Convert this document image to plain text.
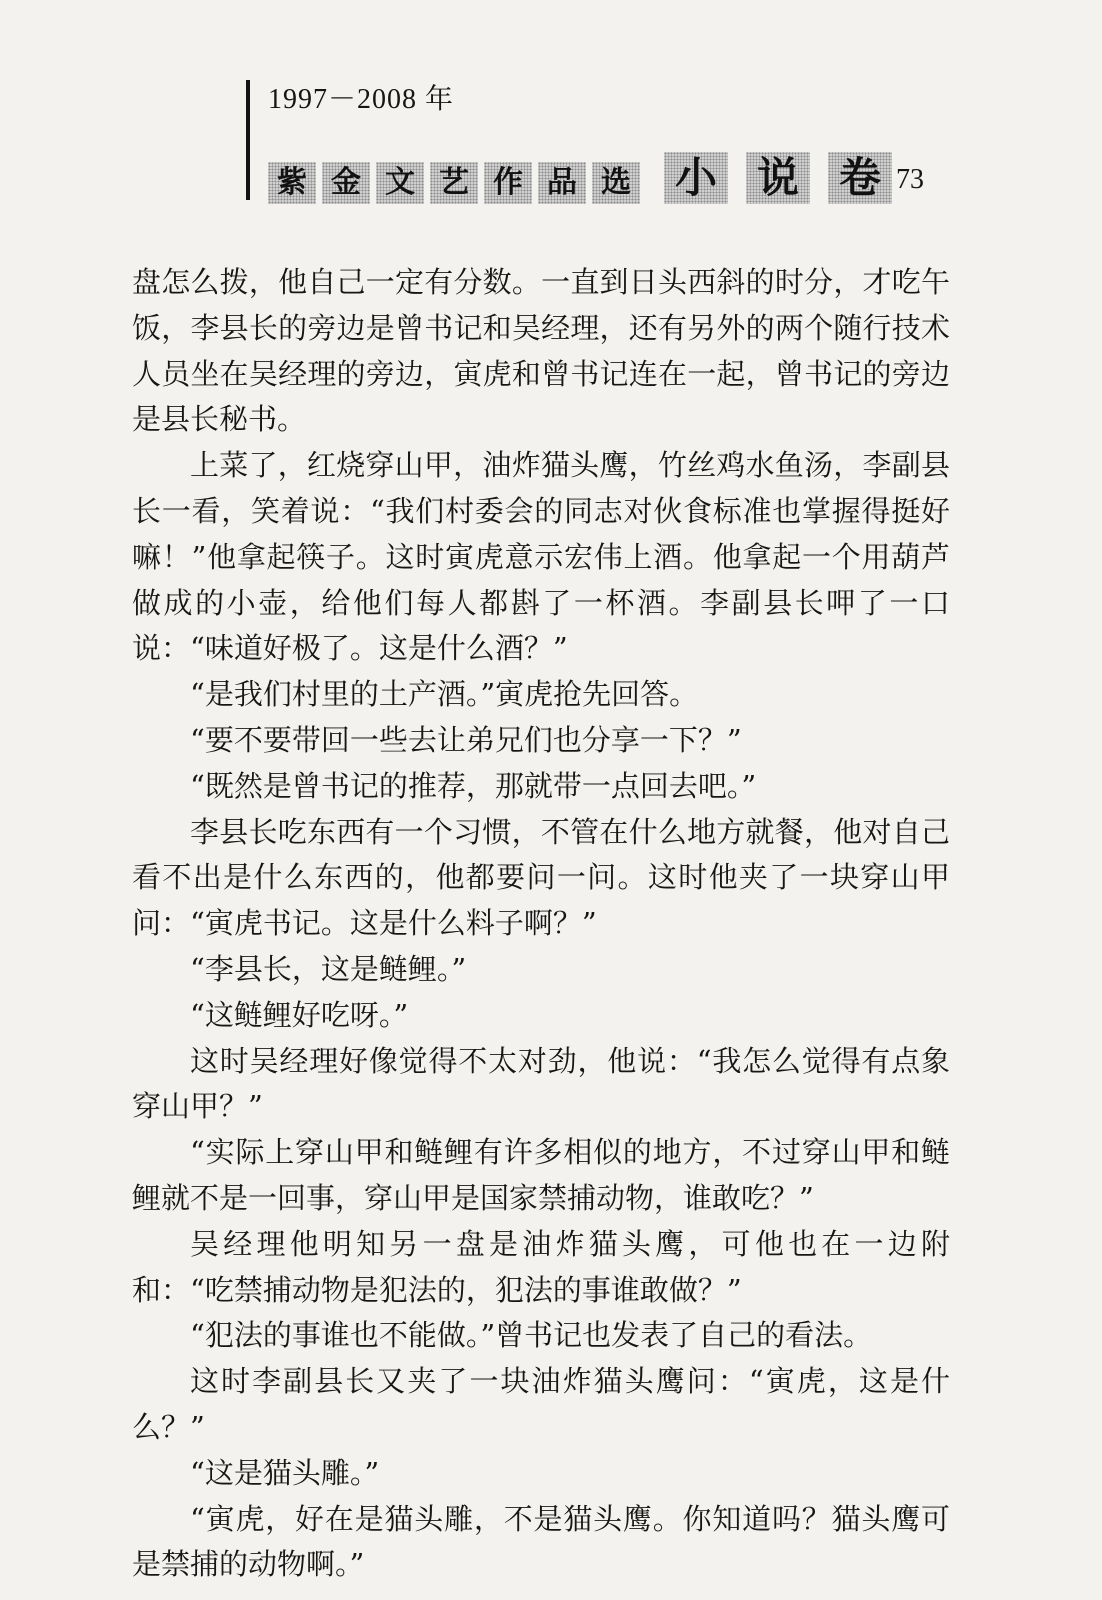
1997－2008 年
紫 金 文 艺 作 品 选 小 说 卷 73

盘怎么拨，他自己一定有分数。一直到日头西斜的时分，才吃午饭，李县长的旁边是曾书记和吴经理，还有另外的两个随行技术人员坐在吴经理的旁边，寅虎和曾书记连在一起，曾书记的旁边是县长秘书。

上菜了，红烧穿山甲，油炸猫头鹰，竹丝鸡水鱼汤，李副县长一看，笑着说：“我们村委会的同志对伙食标准也掌握得挺好嘛！”他拿起筷子。这时寅虎意示宏伟上酒。他拿起一个用葫芦做成的小壶，给他们每人都斟了一杯酒。李副县长呷了一口说：“味道好极了。这是什么酒？”

“是我们村里的土产酒。”寅虎抢先回答。

“要不要带回一些去让弟兄们也分享一下？”

“既然是曾书记的推荐，那就带一点回去吧。”

李县长吃东西有一个习惯，不管在什么地方就餐，他对自己看不出是什么东西的，他都要问一问。这时他夹了一块穿山甲问：“寅虎书记。这是什么料子啊？”

“李县长，这是鲢鲤。”

“这鲢鲤好吃呀。”

这时吴经理好像觉得不太对劲，他说：“我怎么觉得有点象穿山甲？”

“实际上穿山甲和鲢鲤有许多相似的地方，不过穿山甲和鲢鲤就不是一回事，穿山甲是国家禁捕动物，谁敢吃？”

吴经理他明知另一盘是油炸猫头鹰，可他也在一边附和：“吃禁捕动物是犯法的，犯法的事谁敢做？”

“犯法的事谁也不能做。”曾书记也发表了自己的看法。

这时李副县长又夹了一块油炸猫头鹰问：“寅虎，这是什么？”

“这是猫头雕。”

“寅虎，好在是猫头雕，不是猫头鹰。你知道吗？猫头鹰可是禁捕的动物啊。”
